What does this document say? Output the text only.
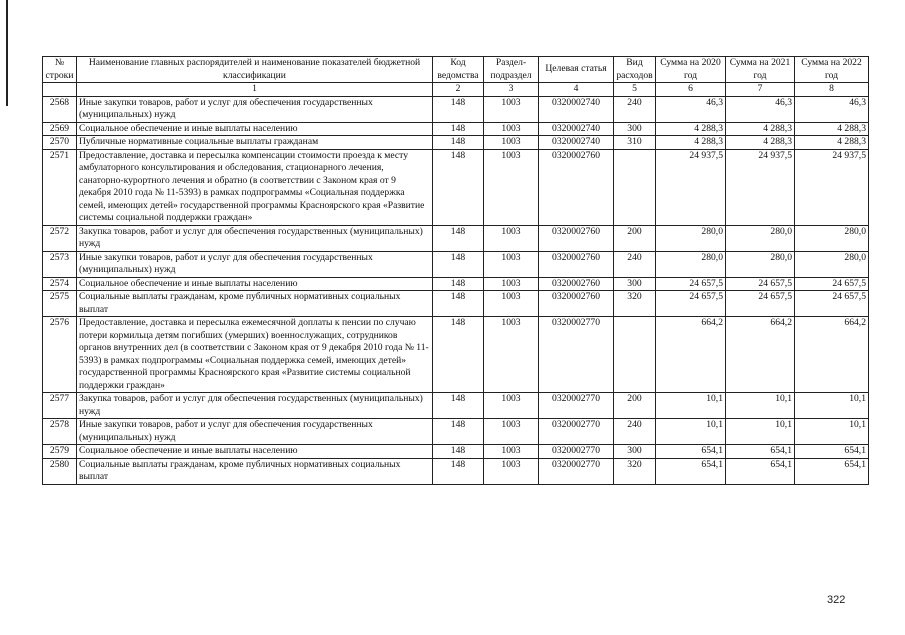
№ строки	Наименование главных распорядителей и наименование показателей бюджетной классификации	Код ведомства	Раздел-подраздел	Целевая статья	Вид расходов	Сумма на 2020 год	Сумма на 2021 год	Сумма на 2022 год
	1	2	3	4	5	6	7	8
2568	Иные закупки товаров, работ и услуг для обеспечения государственных (муниципальных) нужд	148	1003	0320002740	240	46,3	46,3	46,3
2569	Социальное обеспечение и иные выплаты населению	148	1003	0320002740	300	4 288,3	4 288,3	4 288,3
2570	Публичные нормативные социальные выплаты гражданам	148	1003	0320002740	310	4 288,3	4 288,3	4 288,3
2571	Предоставление, доставка и пересылка компенсации стоимости проезда к месту амбулаторного консультирования и обследования, стационарного лечения, санаторно-курортного лечения и обратно (в соответствии с Законом края от 9 декабря 2010 года № 11-5393) в рамках подпрограммы «Социальная поддержка семей, имеющих детей» государственной программы Красноярского края «Развитие системы социальной поддержки граждан»	148	1003	0320002760		24 937,5	24 937,5	24 937,5
2572	Закупка товаров, работ и услуг для обеспечения государственных (муниципальных) нужд	148	1003	0320002760	200	280,0	280,0	280,0
2573	Иные закупки товаров, работ и услуг для обеспечения государственных (муниципальных) нужд	148	1003	0320002760	240	280,0	280,0	280,0
2574	Социальное обеспечение и иные выплаты населению	148	1003	0320002760	300	24 657,5	24 657,5	24 657,5
2575	Социальные выплаты гражданам, кроме публичных нормативных социальных выплат	148	1003	0320002760	320	24 657,5	24 657,5	24 657,5
2576	Предоставление, доставка и пересылка ежемесячной доплаты к пенсии по случаю потери кормильца детям погибших (умерших) военнослужащих, сотрудников органов внутренних дел (в соответствии с Законом края от 9 декабря 2010 года № 11-5393) в рамках подпрограммы «Социальная поддержка семей, имеющих детей» государственной программы Красноярского края «Развитие системы социальной поддержки граждан»	148	1003	0320002770		664,2	664,2	664,2
2577	Закупка товаров, работ и услуг для обеспечения государственных (муниципальных) нужд	148	1003	0320002770	200	10,1	10,1	10,1
2578	Иные закупки товаров, работ и услуг для обеспечения государственных (муниципальных) нужд	148	1003	0320002770	240	10,1	10,1	10,1
2579	Социальное обеспечение и иные выплаты населению	148	1003	0320002770	300	654,1	654,1	654,1
2580	Социальные выплаты гражданам, кроме публичных нормативных социальных выплат	148	1003	0320002770	320	654,1	654,1	654,1
322
